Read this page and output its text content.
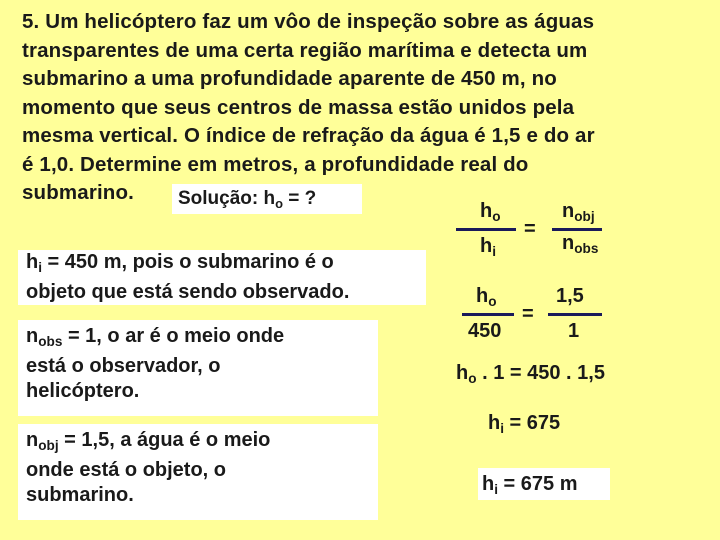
5. Um helicóptero faz um vôo de inspeção sobre as águas
transparentes de uma certa região marítima e detecta um
submarino a uma profundidade aparente de 450 m, no
momento que seus centros de massa estão unidos pela
mesma vertical. O índice de refração da água é 1,5 e do ar
é 1,0. Determine em metros, a profundidade real do
submarino.	Solução: $h_o$ = ?
$h_i = 450$ m, pois o submarino é o
objeto que está sendo observado.
$n_{obs} = 1$, o ar é o meio onde
está o observador, o
helicóptero.
$n_{obj} = 1,5$, a água é o meio
onde está o objeto, o
submarino.
$h_o$
$h_i$
=
$n_{obj}$
$n_{obs}$
$h_o$
450
=
1,5
1
$h_o$ . 1 = 450 . 1,5
$h_i = 675$
$h_i = 675$ m
